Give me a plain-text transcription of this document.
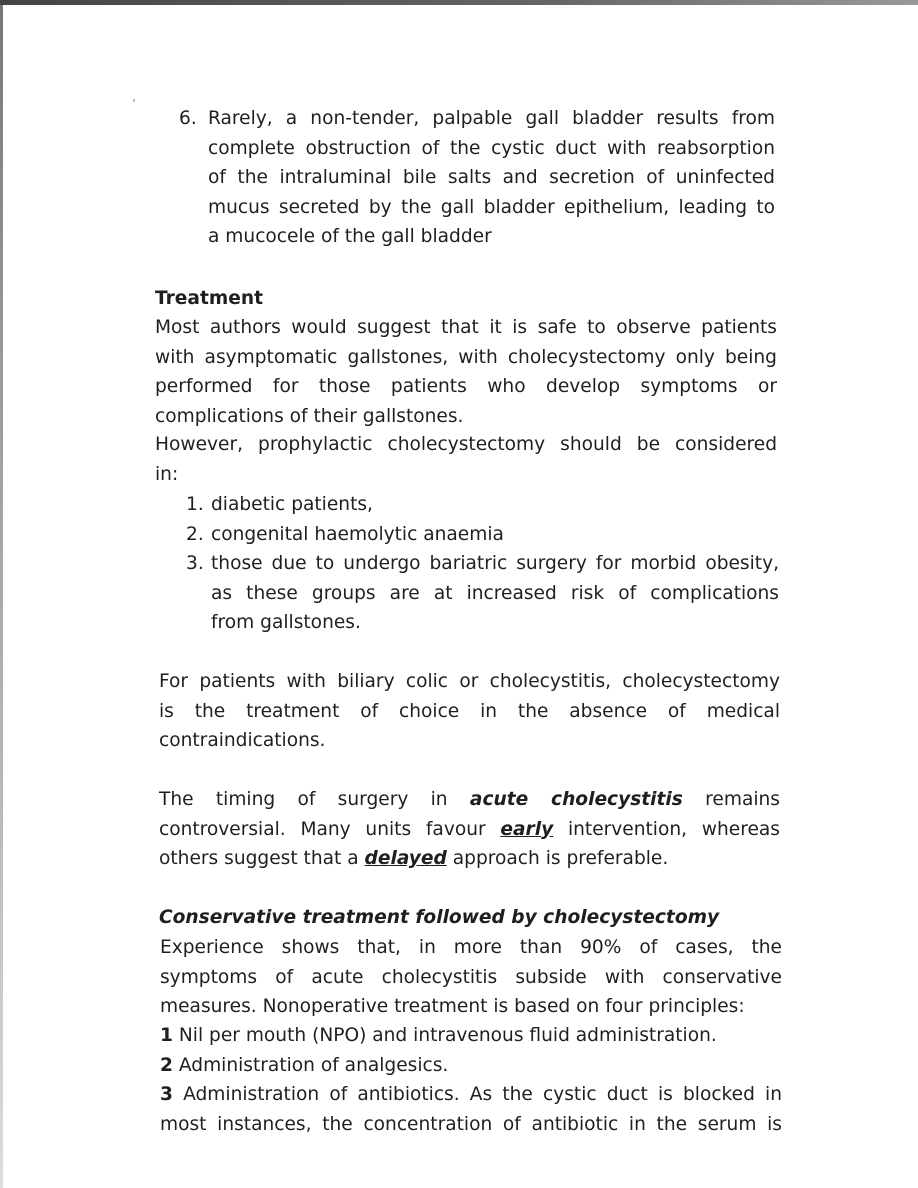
6. Rarely, a non-tender, palpable gall bladder results from
complete obstruction of the cystic duct with reabsorption
of the intraluminal bile salts and secretion of uninfected
mucus secreted by the gall bladder epithelium, leading to
a mucocele of the gall bladder
Treatment
Most authors would suggest that it is safe to observe patients
with asymptomatic gallstones, with cholecystectomy only being
performed for those patients who develop symptoms or
complications of their gallstones.
However, prophylactic cholecystectomy should be considered
in:
1. diabetic patients,
2. congenital haemolytic anaemia
3. those due to undergo bariatric surgery for morbid obesity,
as these groups are at increased risk of complications
from gallstones.
For patients with biliary colic or cholecystitis, cholecystectomy
is the treatment of choice in the absence of medical
contraindications.
The timing of surgery in acute cholecystitis remains
controversial. Many units favour early intervention, whereas
others suggest that a delayed approach is preferable.
Conservative treatment followed by cholecystectomy
Experience shows that, in more than 90% of cases, the
symptoms of acute cholecystitis subside with conservative
measures. Nonoperative treatment is based on four principles:
1 Nil per mouth (NPO) and intravenous fluid administration.
2 Administration of analgesics.
3 Administration of antibiotics. As the cystic duct is blocked in
most instances, the concentration of antibiotic in the serum is
